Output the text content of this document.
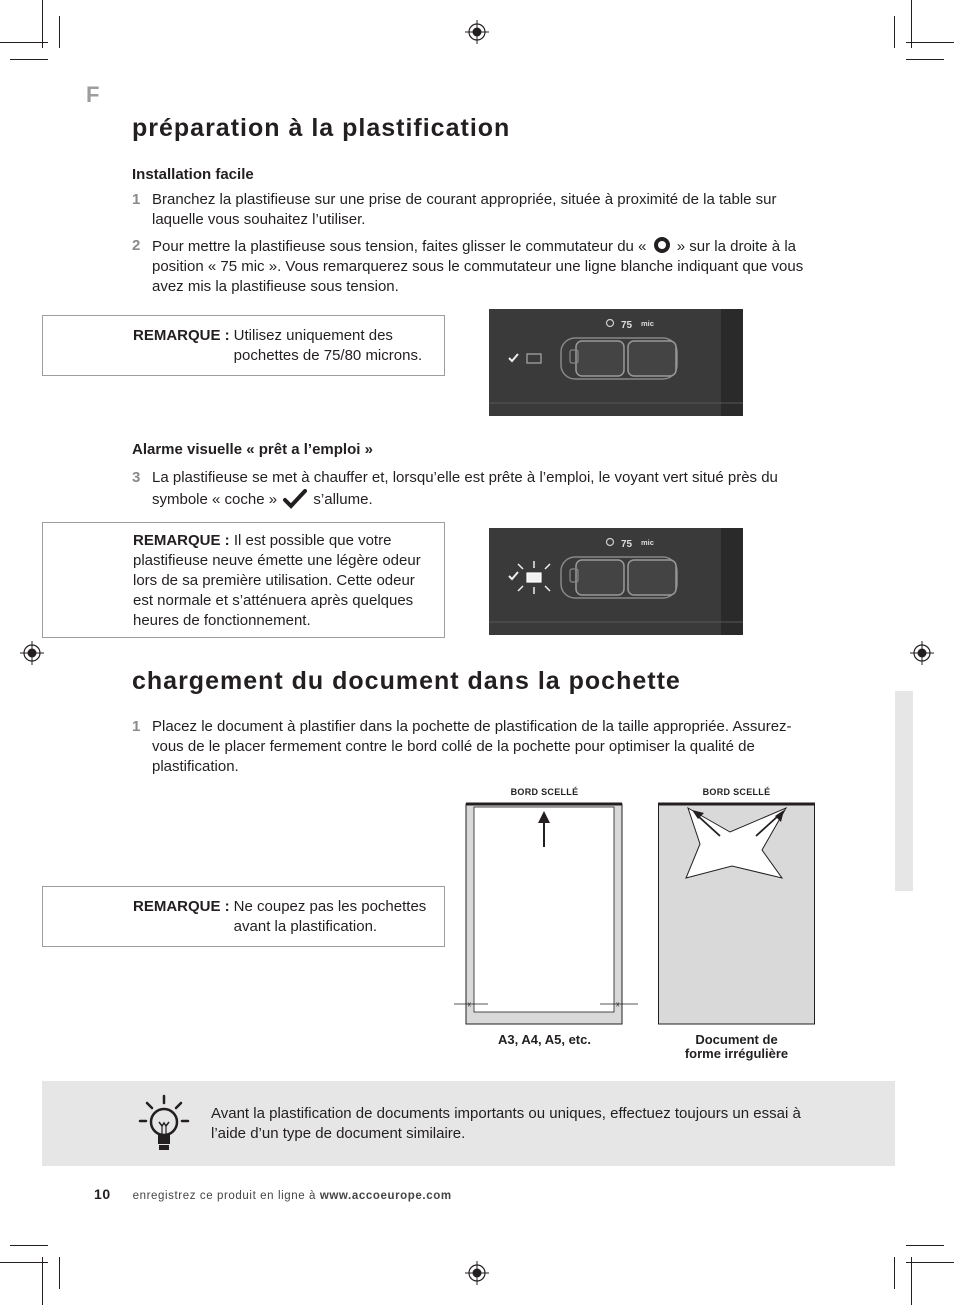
F
préparation à la plastification
Installation facile
1 Branchez la plastifieuse sur une prise de courant appropriée, située à proximité de la table sur laquelle vous souhaitez l’utiliser.
2 Pour mettre la plastifieuse sous tension, faites glisser le commutateur du « » sur la droite à la position « 75 mic ». Vous remarquerez sous le commutateur une ligne blanche indiquant que vous avez mis la plastifieuse sous tension.
REMARQUE : Utilisez uniquement des pochettes de 75/80 microns.
75 mic
Alarme visuelle « prêt a l’emploi »
3 La plastifieuse se met à chauffer et, lorsqu’elle est prête à l’emploi, le voyant vert situé près du symbole « coche » s’allume.
REMARQUE : Il est possible que votre plastifieuse neuve émette une légère odeur lors de sa première utilisation. Cette odeur est normale et s’atténuera après quelques heures de fonctionnement.
75 mic
chargement du document dans la pochette
1 Placez le document à plastifier dans la pochette de plastification de la taille appropriée. Assurez-vous de le placer fermement contre le bord collé de la pochette pour optimiser la qualité de plastification.
REMARQUE : Ne coupez pas les pochettes avant la plastification.
BORD SCELLÉ
x	x
A3, A4, A5, etc.
BORD SCELLÉ
Document de
forme irrégulière
Avant la plastification de documents importants ou uniques, effectuez toujours un essai à l’aide d’un type de document similaire.
10 enregistrez ce produit en ligne à www.accoeurope.com
